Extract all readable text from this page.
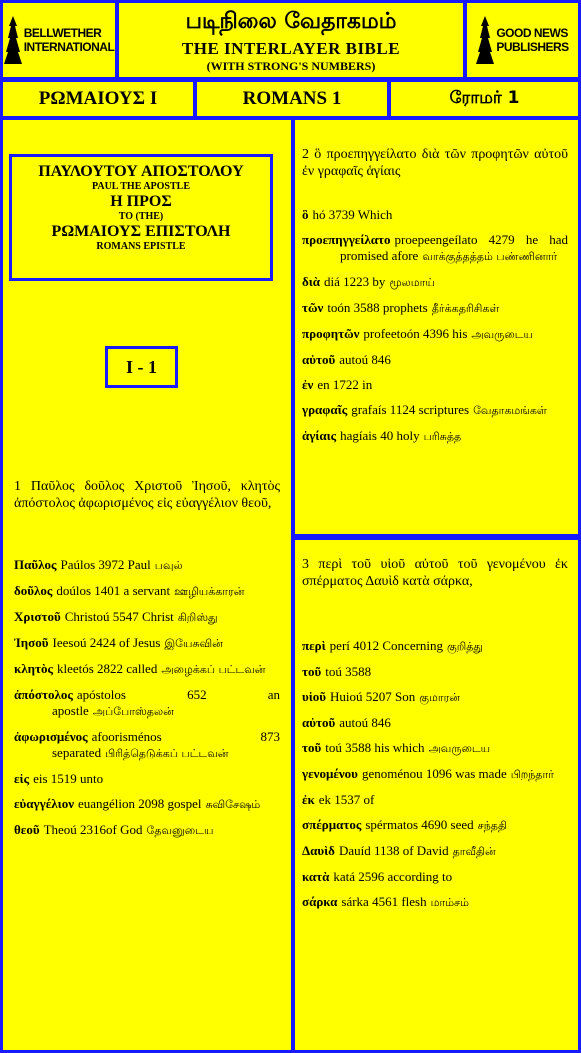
BELLWETHER
INTERNATIONAL
படிநிலை வேதாகமம்
THE INTERLAYER BIBLE
(WITH STRONG'S NUMBERS)
GOOD NEWS
PUBLISHERS
ΡΩΜΑΙΟΥΣ Ι	ROMANS 1	ரோமர் 1
ΠΑΥΛΟΥΤΟΥ ΑΠΟΣΤΟΛΟΥ
PAUL THE APOSTLE
Η ΠΡΟΣ
TO (THE)
ΡΩΜΑΙΟΥΣ ΕΠΙΣΤΟΛΗ
ROMANS EPISTLE
I - 1
1 Παῦλος δοῦλος Χριστοῦ Ἰησοῦ, κλητὸς ἀπόστολος ἀφωρισμένος εἰς εὐαγγέλιον θεοῦ,
Παῦλος Paúlos 3972 Paul பவுல்
δοῦλος doúlos 1401 a servant ஊழியக்காரன்
Χριστοῦ Christoú 5547 Christ கிறிஸ்து
Ἰησοῦ Ieesoú 2424 of Jesus இயேசுவின்
κλητὸς kleetós 2822 called அழைக்கப் பட்டவன்
ἀπόστολος apóstolos 652 an apostle அப்போஸ்தலன்
ἀφωρισμένος afoorisménos 873 separated பிரித்தெடுக்கப் பட்டவன்
εἰς eis 1519 unto
εὐαγγέλιον euangélion 2098 gospel சுவிசேஷம்
θεοῦ Theoú 2316of God தேவனுடைய
2 ὃ προεπηγγείλατο διὰ τῶν προφητῶν αὐτοῦ ἐν γραφαῖς ἁγίαις
ὃ hó 3739 Which
προεπηγγείλατο proepeengeílato 4279 he had promised afore வாக்குத்தத்தம் பண்ணினார்
διὰ diá 1223 by மூலமாய்
τῶν toón 3588 prophets தீர்க்கதரிசிகள்
προφητῶν profeetoón 4396 his அவருடைய
αὐτοῦ autoú 846
ἐν en 1722 in
γραφαῖς grafaís 1124 scriptures வேதாகமங்கள்
ἁγίαις hagíais 40 holy பரிசுத்த
3 περὶ τοῦ υἱοῦ αὐτοῦ τοῦ γενομένου ἐκ σπέρματος Δαυὶδ κατὰ σάρκα,
περὶ perí 4012 Concerning குறித்து
τοῦ toú 3588
υἱοῦ Huioú 5207 Son குமாரன்
αὐτοῦ autoú 846
τοῦ toú 3588 his which அவருடைய
γενομένου genoménou 1096 was made பிறந்தார்
ἐκ ek 1537 of
σπέρματος spérmatos 4690 seed சந்ததி
Δαυὶδ Dauíd 1138 of David தாவீதின்
κατὰ katá 2596 according to
σάρκα sárka 4561 flesh மாம்சம்
